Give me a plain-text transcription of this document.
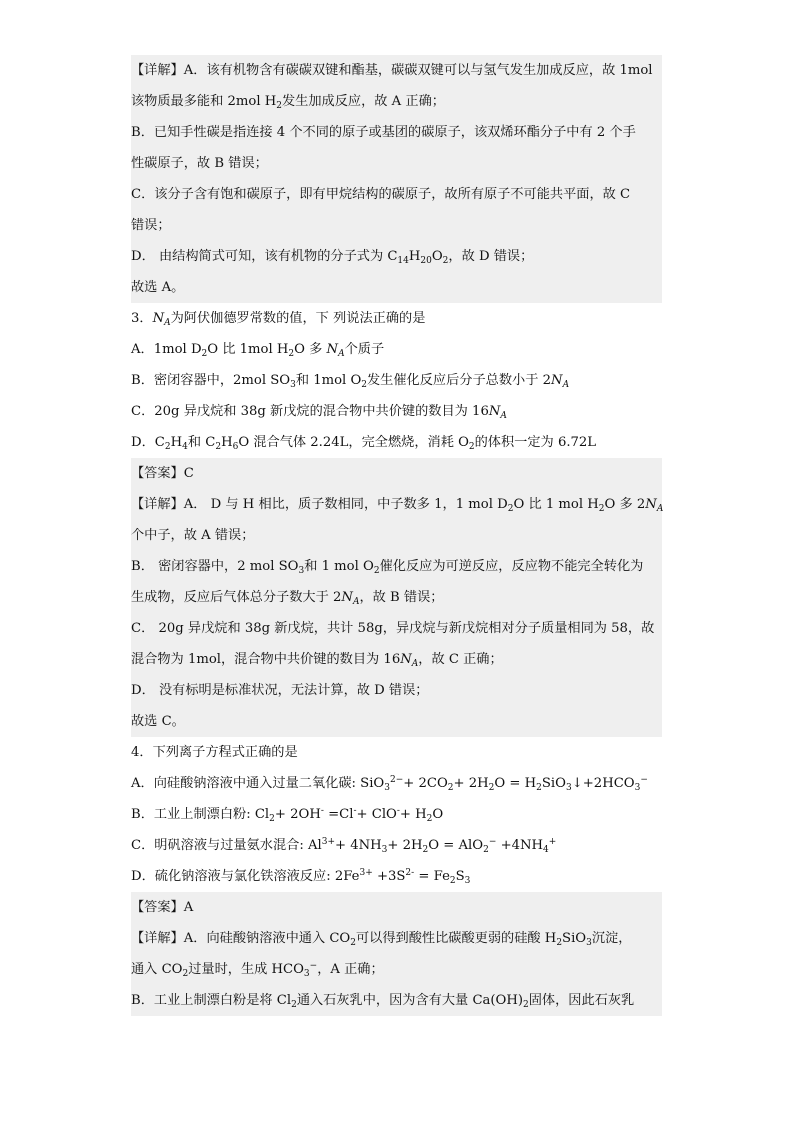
【详解】A．该有机物含有碳碳双键和酯基，碳碳双键可以与氢气发生加成反应，故 1mol
该物质最多能和 2mol $H_2$发生加成反应，故 A 正确；
B．已知手性碳是指连接 4 个不同的原子或基团的碳原子，该双烯环酯分子中有 2 个手
性碳原子，故 B 错误；
C．该分子含有饱和碳原子，即有甲烷结构的碳原子，故所有原子不可能共平面，故 C
错误；
D． 由结构简式可知，该有机物的分子式为 $C_{14}H_{20}O_2$，故 D 错误；
故选 A。
3．$N_A$为阿伏伽德罗常数的值，下 列说法正确的是
A．1mol $D_2O$ 比 1mol $H_2O$ 多 $N_A$个质子
B．密闭容器中，2mol $SO_3$和 1mol $O_2$发生催化反应后分子总数小于 $2N_A$
C．20g 异戊烷和 38g 新戊烷的混合物中共价键的数目为 $16N_A$
D．$C_2H_4$和 $C_2H_6O$ 混合气体 2.24L，完全燃烧，消耗 $O_2$的体积一定为 6.72L
【答案】C
【详解】A． D 与 H 相比，质子数相同，中子数多 1，1 mol $D_2O$ 比 1 mol $H_2O$ 多 $2N_A$
个中子，故 A 错误；
B． 密闭容器中，2 mol $SO_3$和 1 mol $O_2$催化反应为可逆反应，反应物不能完全转化为
生成物，反应后气体总分子数大于 $2N_A$，故 B 错误；
C． 20g 异戊烷和 38g 新戊烷，共计 58g，异戊烷与新戊烷相对分子质量相同为 58，故
混合物为 1mol，混合物中共价键的数目为 $16N_A$，故 C 正确；
D． 没有标明是标准状况，无法计算，故 D 错误；
故选 C。
4．下列离子方程式正确的是
A．向硅酸钠溶液中通入过量二氧化碳: $SiO_3^{2-}+ 2CO_2+ 2H_2O$ = $H_2SiO_3↓+2HCO_3^-$
B．工业上制漂白粉: $Cl_2+ 2OH^- =Cl^-+ ClO^-+ H_2O$
C．明矾溶液与过量氨水混合: $Al^{3+}+ 4NH_3+ 2H_2O = AlO_2^- +4NH_4^+$
D．硫化钠溶液与氯化铁溶液反应: $2Fe^{3+} +3S^{2-} = Fe_2S_3$
【答案】A
【详解】A．向硅酸钠溶液中通入 $CO_2$可以得到酸性比碳酸更弱的硅酸 $H_2SiO_3$沉淀，
通入 $CO_2$过量时，生成 $HCO_3^-$，A 正确；
B．工业上制漂白粉是将 $Cl_2$通入石灰乳中，因为含有大量 $Ca(OH)_2$固体，因此石灰乳
